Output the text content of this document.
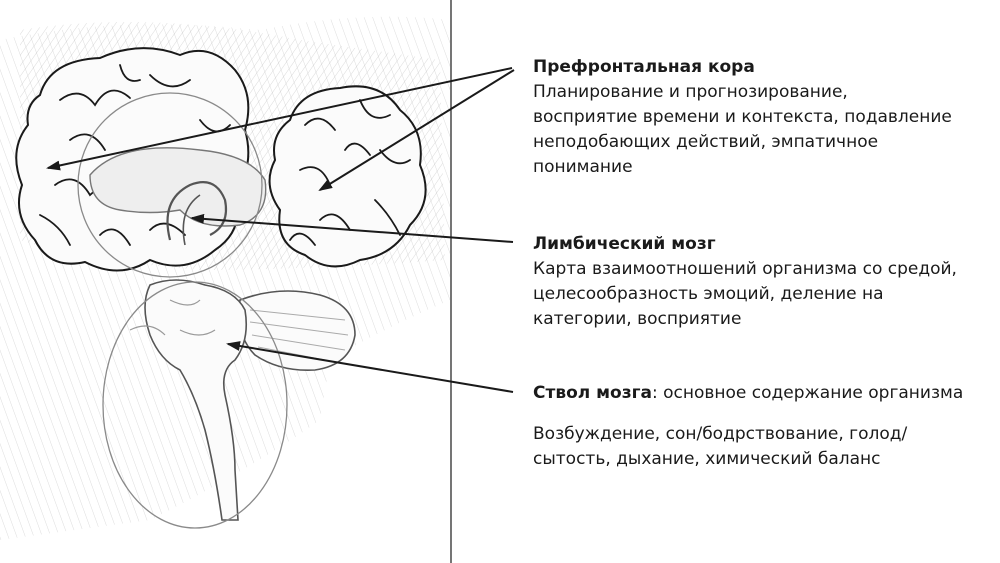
Префронтальная кора
Планирование и прогнозирование,
восприятие времени и контекста, подавление
неподобающих действий, эмпатичное
понимание
Лимбический мозг
Карта взаимоотношений организма со средой,
целесообразность эмоций, деление на
категории, восприятие
Ствол мозга: основное содержание организма
Возбуждение, сон/бодрствование, голод/
сытость, дыхание, химический баланс
